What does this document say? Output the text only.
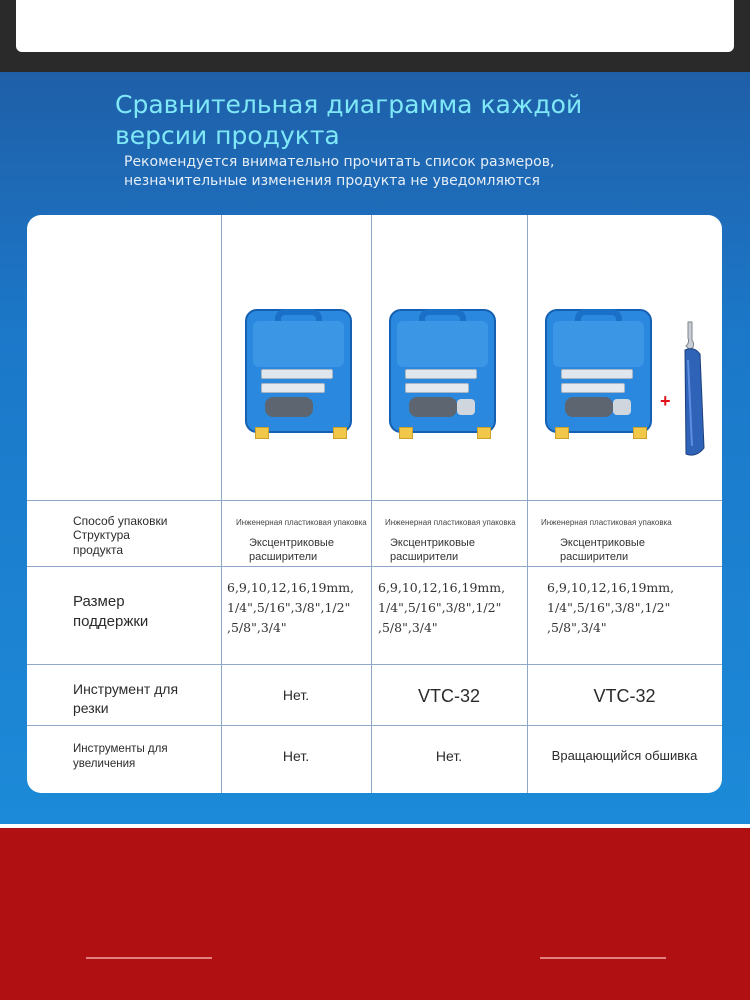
Сравнительная диаграмма каждой версии продукта
Рекомендуется внимательно прочитать список размеров, незначительные изменения продукта не уведомляются
Способ упаковки
Структура продукта
Размер поддержки
Инструмент для резки
Инструменты для увеличения
Инженерная пластиковая упаковка
Эксцентриковые расширители
6,9,10,12,16,19mm, 1/4",5/16",3/8",1/2" ,5/8",3/4"
Нет.
Нет.
Инженерная пластиковая упаковка
Эксцентриковые расширители
6,9,10,12,16,19mm, 1/4",5/16",3/8",1/2" ,5/8",3/4"
VTC-32
Нет.
Инженерная пластиковая упаковка
Эксцентриковые расширители
6,9,10,12,16,19mm, 1/4",5/16",3/8",1/2" ,5/8",3/4"
VTC-32
Вращающийся обшивка
+
